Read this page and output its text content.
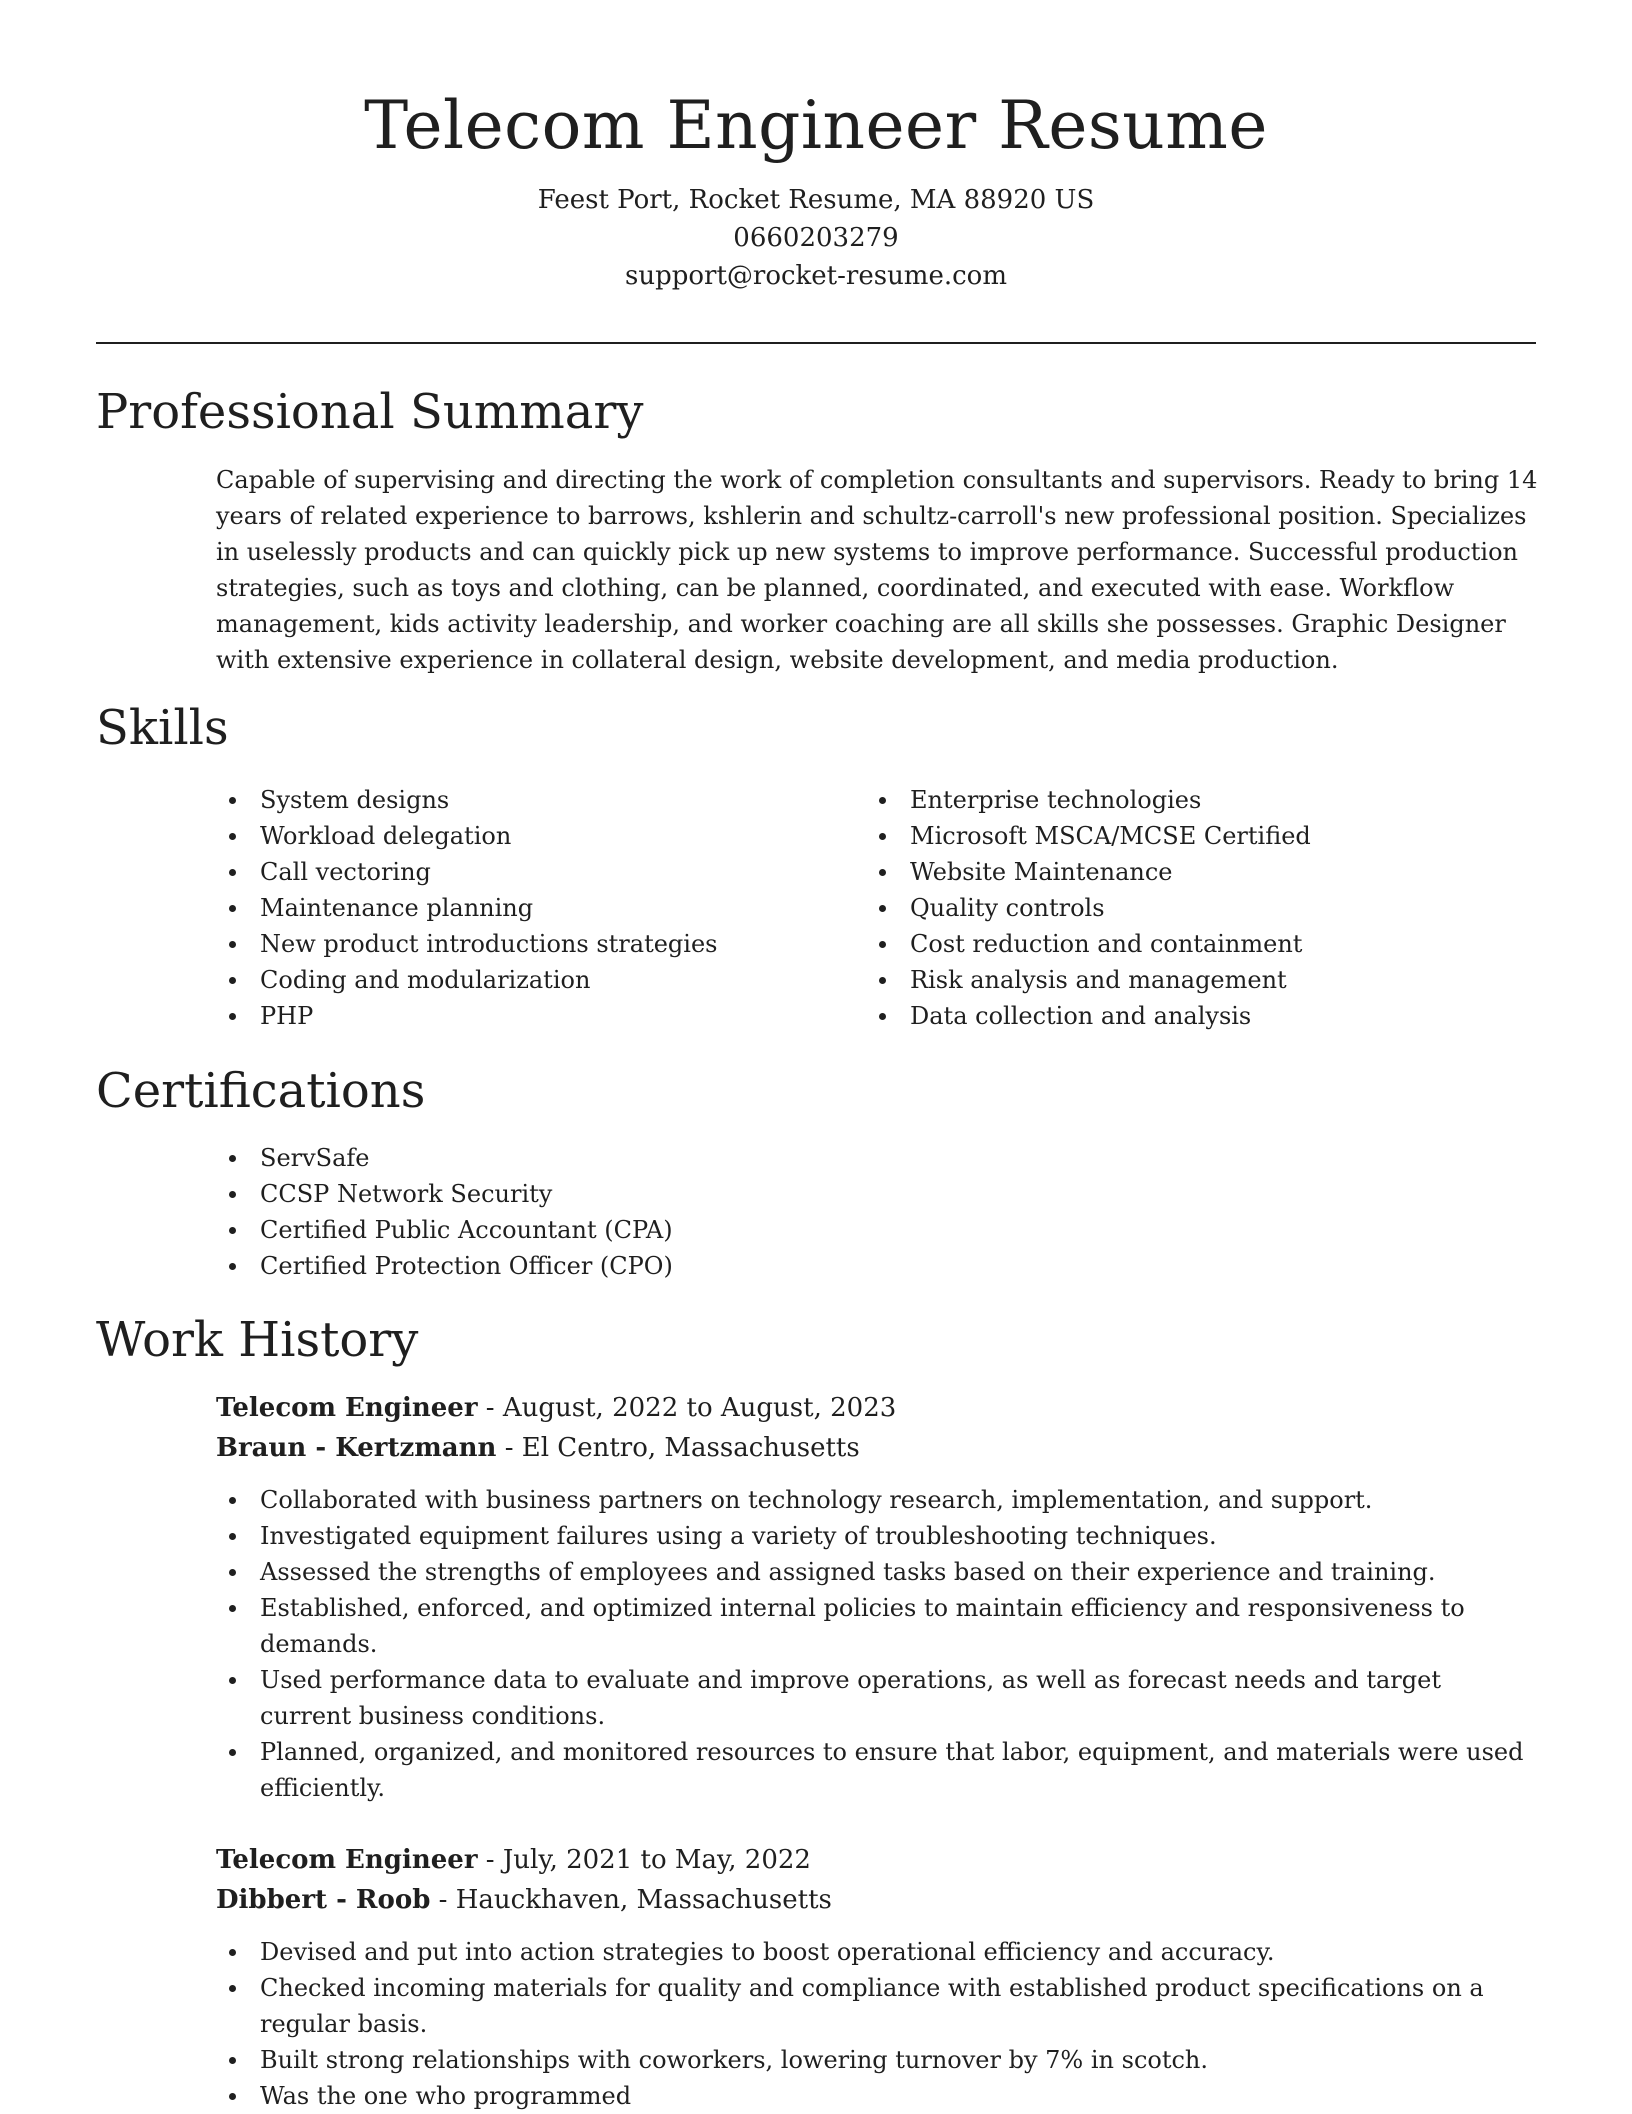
Telecom Engineer Resume

Feest Port, Rocket Resume, MA 88920 US

0660203279

support@rocket-resume.com

Professional Summary

Capable of supervising and directing the work of completion consultants and supervisors. Ready to bring 14 years of related experience to barrows, kshlerin and schultz-carroll's new professional position. Specializes in uselessly products and can quickly pick up new systems to improve performance. Successful production strategies, such as toys and clothing, can be planned, coordinated, and executed with ease. Workflow management, kids activity leadership, and worker coaching are all skills she possesses. Graphic Designer with extensive experience in collateral design, website development, and media production.

Skills
System designs
Workload delegation
Call vectoring
Maintenance planning
New product introductions strategies
Coding and modularization
PHP
Enterprise technologies
Microsoft MSCA/MCSE Certified
Website Maintenance
Quality controls
Cost reduction and containment
Risk analysis and management
Data collection and analysis
Certifications
ServSafe
CCSP Network Security
Certified Public Accountant (CPA)
Certified Protection Officer (CPO)
Work History

Telecom Engineer - August, 2022 to August, 2023

Braun - Kertzmann - El Centro, Massachusetts

Collaborated with business partners on technology research, implementation, and support.
Investigated equipment failures using a variety of troubleshooting techniques.
Assessed the strengths of employees and assigned tasks based on their experience and training.
Established, enforced, and optimized internal policies to maintain efficiency and responsiveness to demands.
Used performance data to evaluate and improve operations, as well as forecast needs and target current business conditions.
Planned, organized, and monitored resources to ensure that labor, equipment, and materials were used efficiently.

Telecom Engineer - July, 2021 to May, 2022

Dibbert - Roob - Hauckhaven, Massachusetts

Devised and put into action strategies to boost operational efficiency and accuracy.
Checked incoming materials for quality and compliance with established product specifications on a regular basis.
Built strong relationships with coworkers, lowering turnover by 7% in scotch.
Was the one who programmed
